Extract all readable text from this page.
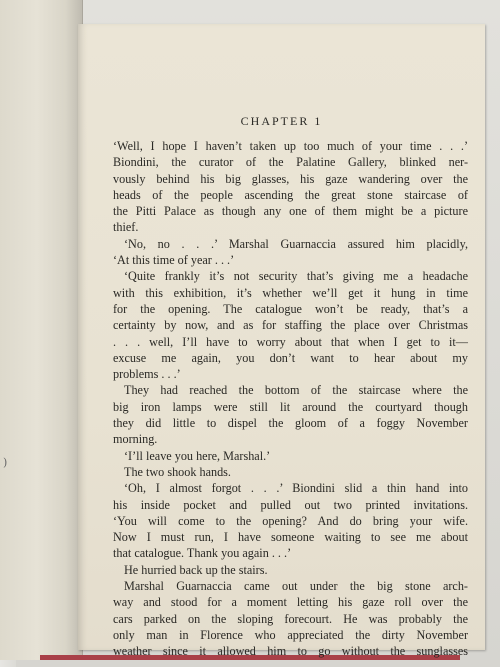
)
CHAPTER 1
‘Well, I hope I haven’t taken up too much of your time . . .’
Biondini, the curator of the Palatine Gallery, blinked ner-
vously behind his big glasses, his gaze wandering over the
heads of the people ascending the great stone staircase of
the Pitti Palace as though any one of them might be a picture
thief.
‘No, no . . .’ Marshal Guarnaccia assured him placidly,
‘At this time of year . . .’
‘Quite frankly it’s not security that’s giving me a headache
with this exhibition, it’s whether we’ll get it hung in time
for the opening. The catalogue won’t be ready, that’s a
certainty by now, and as for staffing the place over Christmas
. . . well, I’ll have to worry about that when I get to it—
excuse me again, you don’t want to hear about my
problems . . .’
They had reached the bottom of the staircase where the
big iron lamps were still lit around the courtyard though
they did little to dispel the gloom of a foggy November
morning.
‘I’ll leave you here, Marshal.’
The two shook hands.
‘Oh, I almost forgot . . .’ Biondini slid a thin hand into
his inside pocket and pulled out two printed invitations.
‘You will come to the opening? And do bring your wife.
Now I must run, I have someone waiting to see me about
that catalogue. Thank you again . . .’
He hurried back up the stairs.
Marshal Guarnaccia came out under the big stone arch-
way and stood for a moment letting his gaze roll over the
cars parked on the sloping forecourt. He was probably the
only man in Florence who appreciated the dirty November
weather since it allowed him to go without the sunglasses
